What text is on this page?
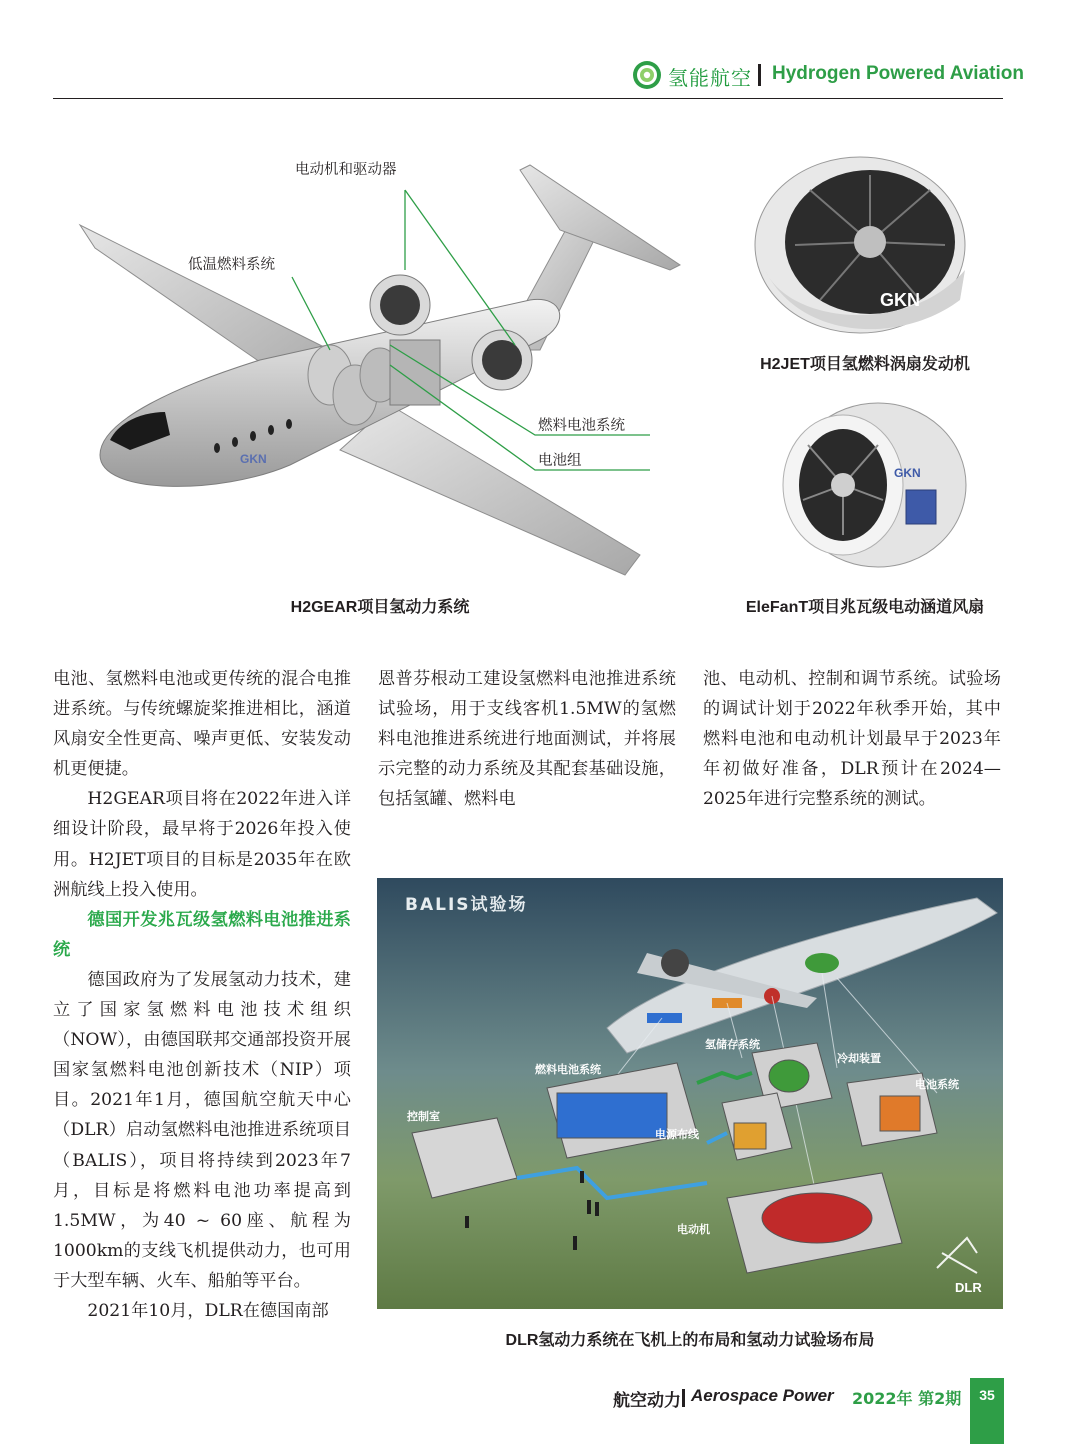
氢能航空 Hydrogen Powered Aviation
GKN
电动机和驱动器
低温燃料系统
燃料电池系统
电池组
H2GEAR项目氢动力系统
GKN
H2JET项目氢燃料涡扇发动机
GKN
EleFanT项目兆瓦级电动涵道风扇

电池、氢燃料电池或更传统的混合电推进系统。与传统螺旋桨推进相比，涵道风扇安全性更高、噪声更低、安装发动机更便捷。

H2GEAR项目将在2022年进入详细设计阶段，最早将于2026年投入使用。H2JET项目的目标是2035年在欧洲航线上投入使用。

德国开发兆瓦级氢燃料电池推进系统

德国政府为了发展氢动力技术，建立了国家氢燃料电池技术组织（NOW），由德国联邦交通部投资开展国家氢燃料电池创新技术（NIP）项目。2021年1月，德国航空航天中心（DLR）启动氢燃料电池推进系统项目（BALIS），项目将持续到2023年7月，目标是将燃料电池功率提高到1.5MW，为40 ~ 60座、航程为1000km的支线飞机提供动力，也可用于大型车辆、火车、船舶等平台。

2021年10月，DLR在德国南部

恩普芬根动工建设氢燃料电池推进系统试验场，用于支线客机1.5MW的氢燃料电池推进系统进行地面测试，并将展示完整的动力系统及其配套基础设施，包括氢罐、燃料电

池、电动机、控制和调节系统。试验场的调试计划于2022年秋季开始，其中燃料电池和电动机计划最早于2023年年初做好准备，DLR预计在2024—2025年进行完整系统的测试。

BALIS试验场
氢储存系统
燃料电池系统
冷却装置
电池系统
控制室
电源布线
电动机
DLR
DLR氢动力系统在飞机上的布局和氢动力试验场布局
航空动力 Aerospace Power 2022年 第2期	35
